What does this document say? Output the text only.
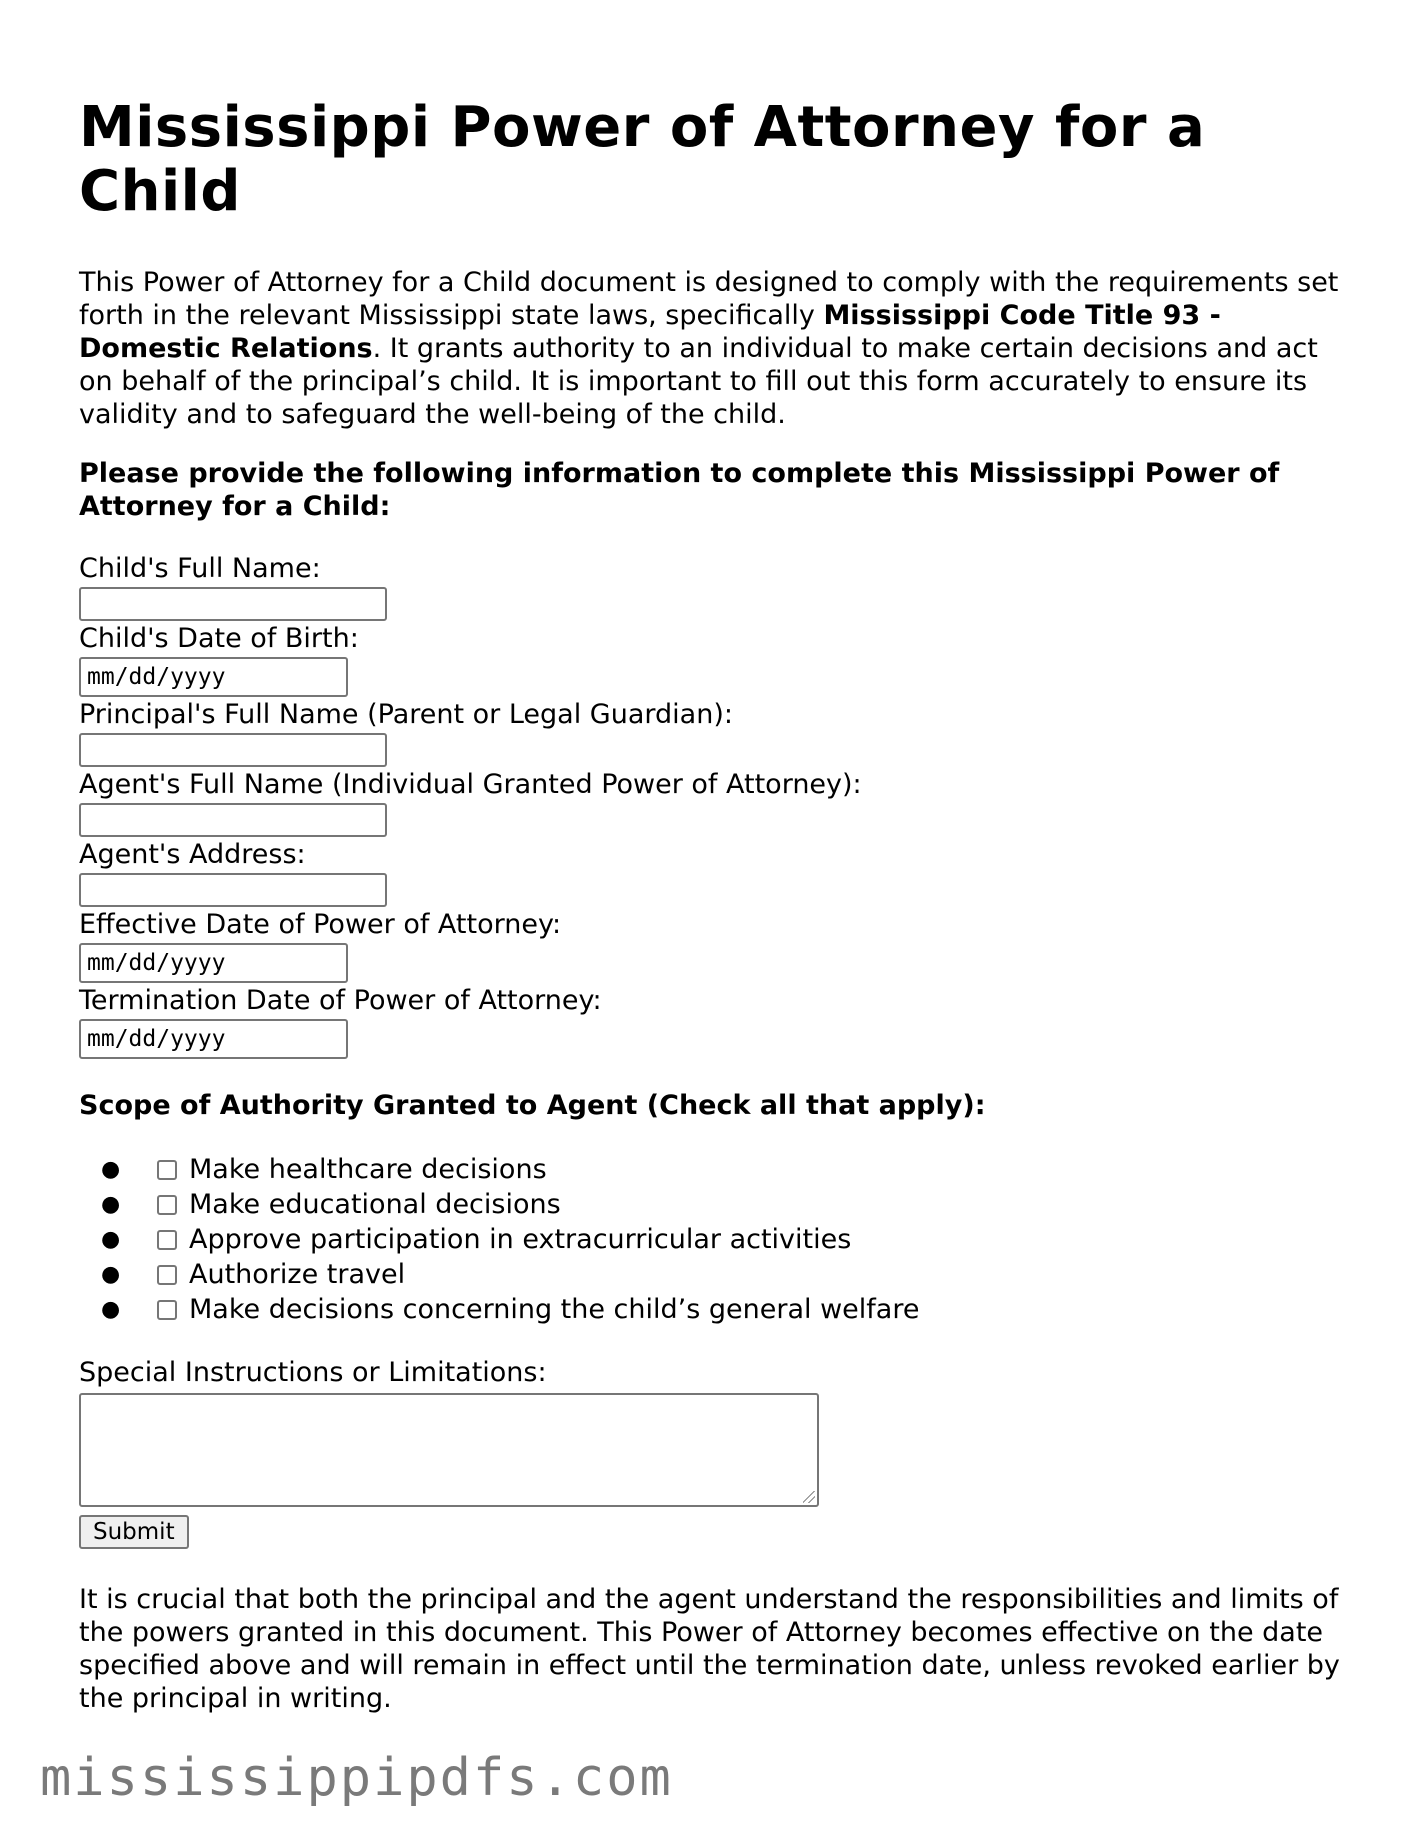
Mississippi Power of Attorney for a Child

This Power of Attorney for a Child document is designed to comply with the requirements set forth in the relevant Mississippi state laws, specifically Mississippi Code Title 93 - Domestic Relations. It grants authority to an individual to make certain decisions and act on behalf of the principal’s child. It is important to fill out this form accurately to ensure its validity and to safeguard the well-being of the child.

Please provide the following information to complete this Mississippi Power of Attorney for a Child:

Child's Full Name:
Child's Date of Birth:
mm/dd/yyyy
Principal's Full Name (Parent or Legal Guardian):
Agent's Full Name (Individual Granted Power of Attorney):
Agent's Address:
Effective Date of Power of Attorney:
mm/dd/yyyy
Termination Date of Power of Attorney:
mm/dd/yyyy

Scope of Authority Granted to Agent (Check all that apply):

●	Make healthcare decisions
●	Make educational decisions
●	Approve participation in extracurricular activities
●	Authorize travel
●	Make decisions concerning the child’s general welfare
Special Instructions or Limitations:
Submit

It is crucial that both the principal and the agent understand the responsibilities and limits of the powers granted in this document. This Power of Attorney becomes effective on the date specified above and will remain in effect until the termination date, unless revoked earlier by the principal in writing.

mississippipdfs.com
